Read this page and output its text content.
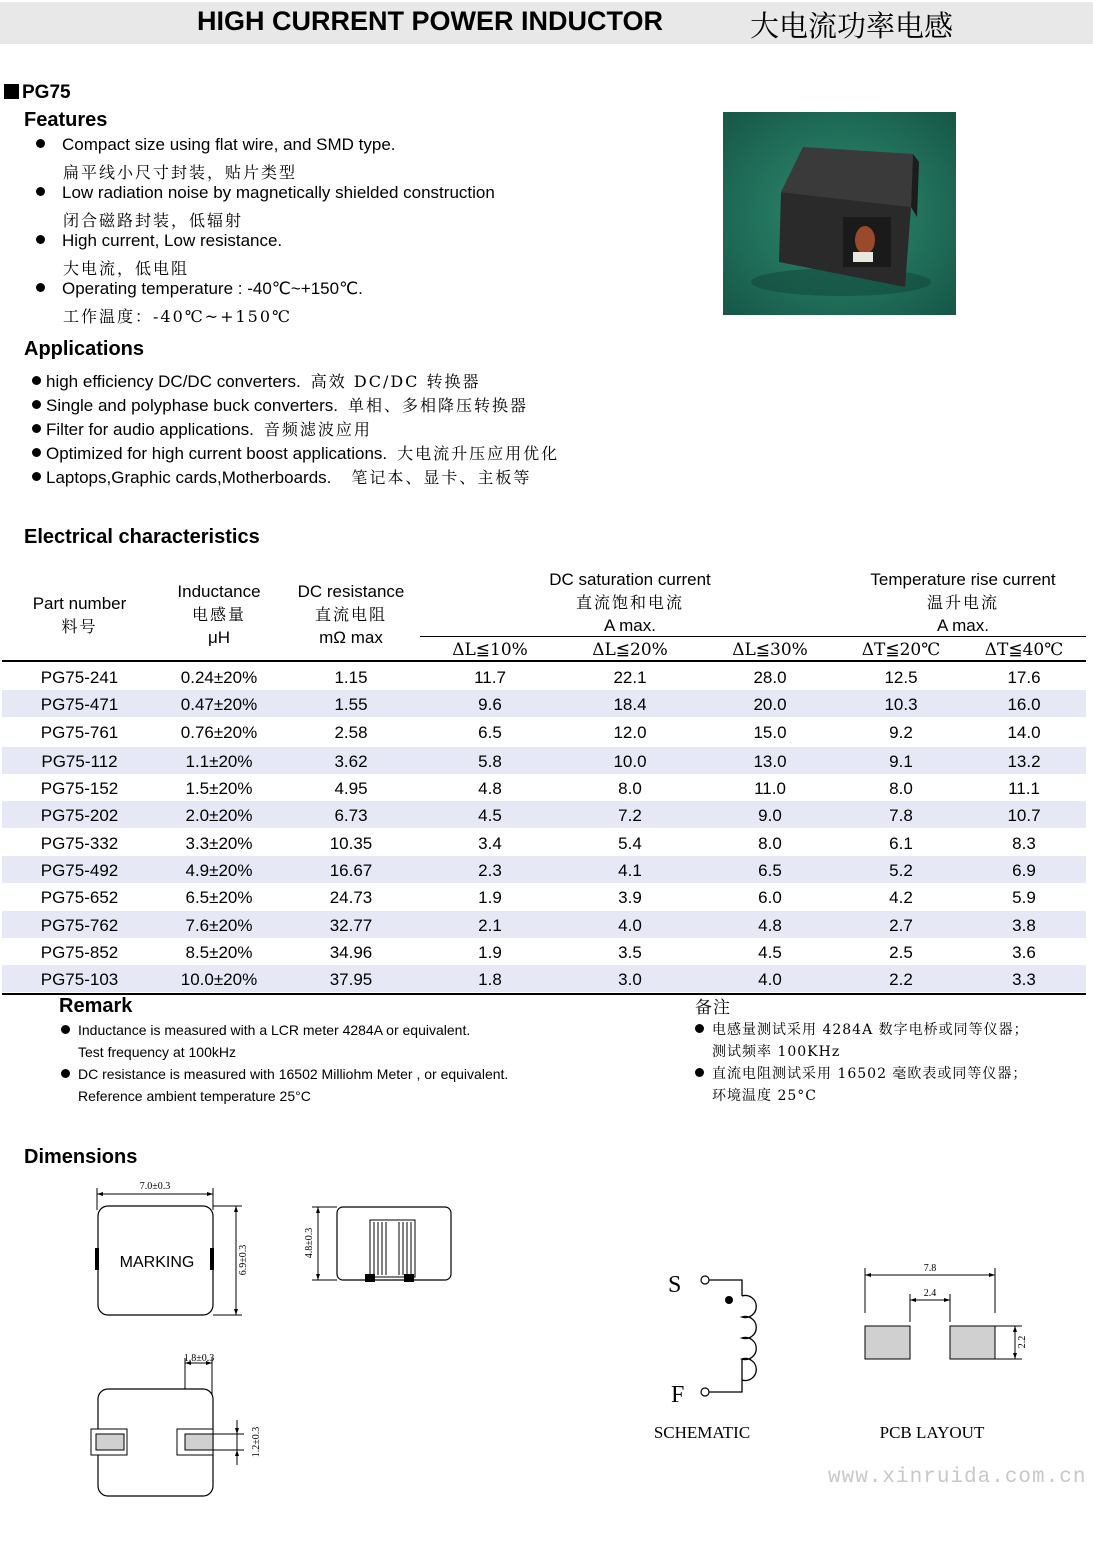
HIGH CURRENT POWER INDUCTOR	大电流功率电感
PG75
Features
Compact size using flat wire, and SMD type.
扁平线小尺寸封装，贴片类型
Low radiation noise by magnetically shielded construction
闭合磁路封装，低辐射
High current, Low resistance.
大电流，低电阻
Operating temperature : -40℃~+150℃.
工作温度：-40℃~+150℃
Applications
high efficiency DC/DC converters. 高效 DC/DC 转换器
Single and polyphase buck converters. 单相、多相降压转换器
Filter for audio applications. 音频滤波应用
Optimized for high current boost applications. 大电流升压应用优化
Laptops,Graphic cards,Motherboards. 笔记本、显卡、主板等
Electrical characteristics
Part number
料号
Inductance
电感量
μH
DC resistance
直流电阻
mΩ max
DC saturation current
直流饱和电流
A max.
Temperature rise current
温升电流
A max.
ΔL≦10%	ΔL≦20%	ΔL≦30%	ΔT≦20℃	ΔT≦40℃
PG75-241	0.24±20%	1.15	11.7	22.1	28.0	12.5	17.6
PG75-471	0.47±20%	1.55	9.6	18.4	20.0	10.3	16.0
PG75-761	0.76±20%	2.58	6.5	12.0	15.0	9.2	14.0
PG75-112	1.1±20%	3.62	5.8	10.0	13.0	9.1	13.2
PG75-152	1.5±20%	4.95	4.8	8.0	11.0	8.0	11.1
PG75-202	2.0±20%	6.73	4.5	7.2	9.0	7.8	10.7
PG75-332	3.3±20%	10.35	3.4	5.4	8.0	6.1	8.3
PG75-492	4.9±20%	16.67	2.3	4.1	6.5	5.2	6.9
PG75-652	6.5±20%	24.73	1.9	3.9	6.0	4.2	5.9
PG75-762	7.6±20%	32.77	2.1	4.0	4.8	2.7	3.8
PG75-852	8.5±20%	34.96	1.9	3.5	4.5	2.5	3.6
PG75-103	10.0±20%	37.95	1.8	3.0	4.0	2.2	3.3
Remark
Inductance is measured with a LCR meter 4284A or equivalent.
Test frequency at 100kHz
DC resistance is measured with 16502 Milliohm Meter , or equivalent.
Reference ambient temperature 25°C
备注
电感量测试采用 4284A 数字电桥或同等仪器；
测试频率 100KHz
直流电阻测试采用 16502 毫欧表或同等仪器；
环境温度 25°C
Dimensions
7.0±0.3
MARKING	6.9±0.3
4.8±0.3
1.8±0.3
1.2±0.3
S
F
SCHEMATIC
7.8
2.4
2.2
PCB LAYOUT
www.xinruida.com.cn
